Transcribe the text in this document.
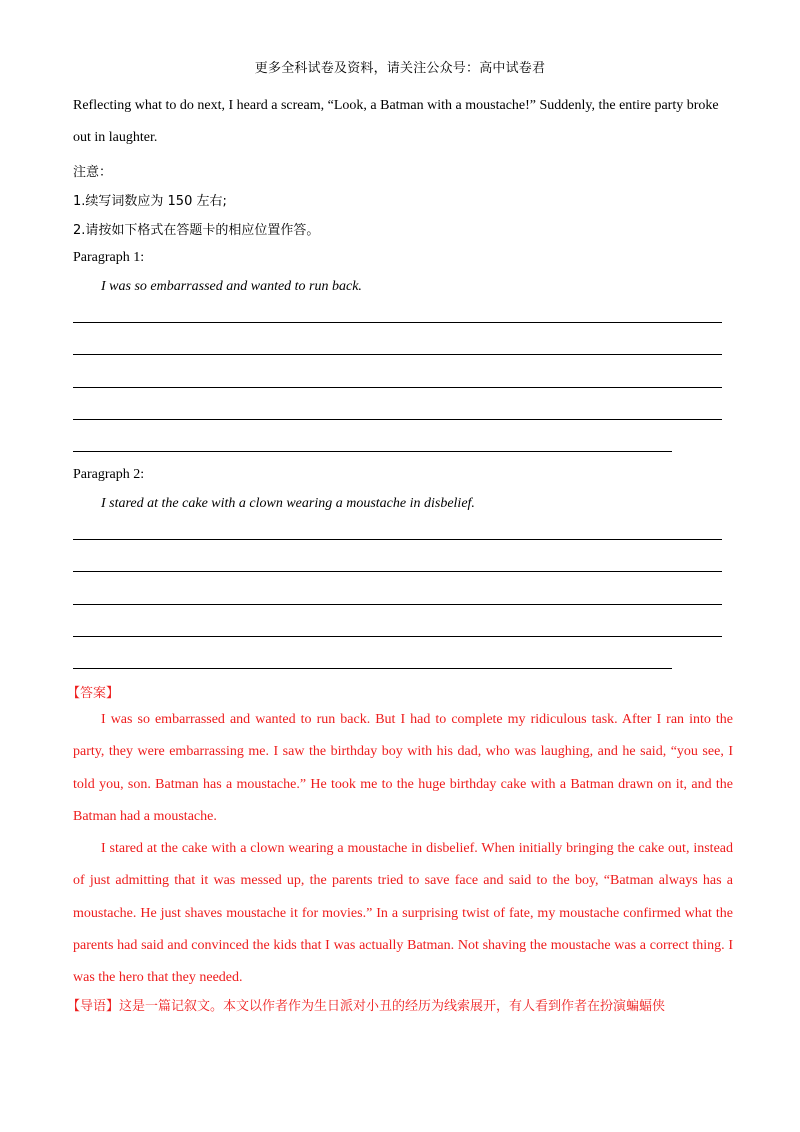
更多全科试卷及资料，请关注公众号：高中试卷君
Reflecting what to do next, I heard a scream, “Look, a Batman with a moustache!” Suddenly, the entire party broke
out in laughter.
注意：
1.续写词数应为 150 左右;
2.请按如下格式在答题卡的相应位置作答。
Paragraph 1:
I was so embarrassed and wanted to run back.
Paragraph 2:
I stared at the cake with a clown wearing a moustache in disbelief.
【答案】

I was so embarrassed and wanted to run back. But I had to complete my ridiculous task. After I ran into the party, they were embarrassing me. I saw the birthday boy with his dad, who was laughing, and he said, “you see, I told you, son. Batman has a moustache.” He took me to the huge birthday cake with a Batman drawn on it, and the Batman had a moustache.

I stared at the cake with a clown wearing a moustache in disbelief. When initially bringing the cake out, instead of just admitting that it was messed up, the parents tried to save face and said to the boy, “Batman always has a moustache. He just shaves moustache it for movies.” In a surprising twist of fate, my moustache confirmed what the parents had said and convinced the kids that I was actually Batman. Not shaving the moustache was a correct thing. I was the hero that they needed.

【导语】这是一篇记叙文。本文以作者作为生日派对小丑的经历为线索展开，有人看到作者在扮演蝙蝠侠
